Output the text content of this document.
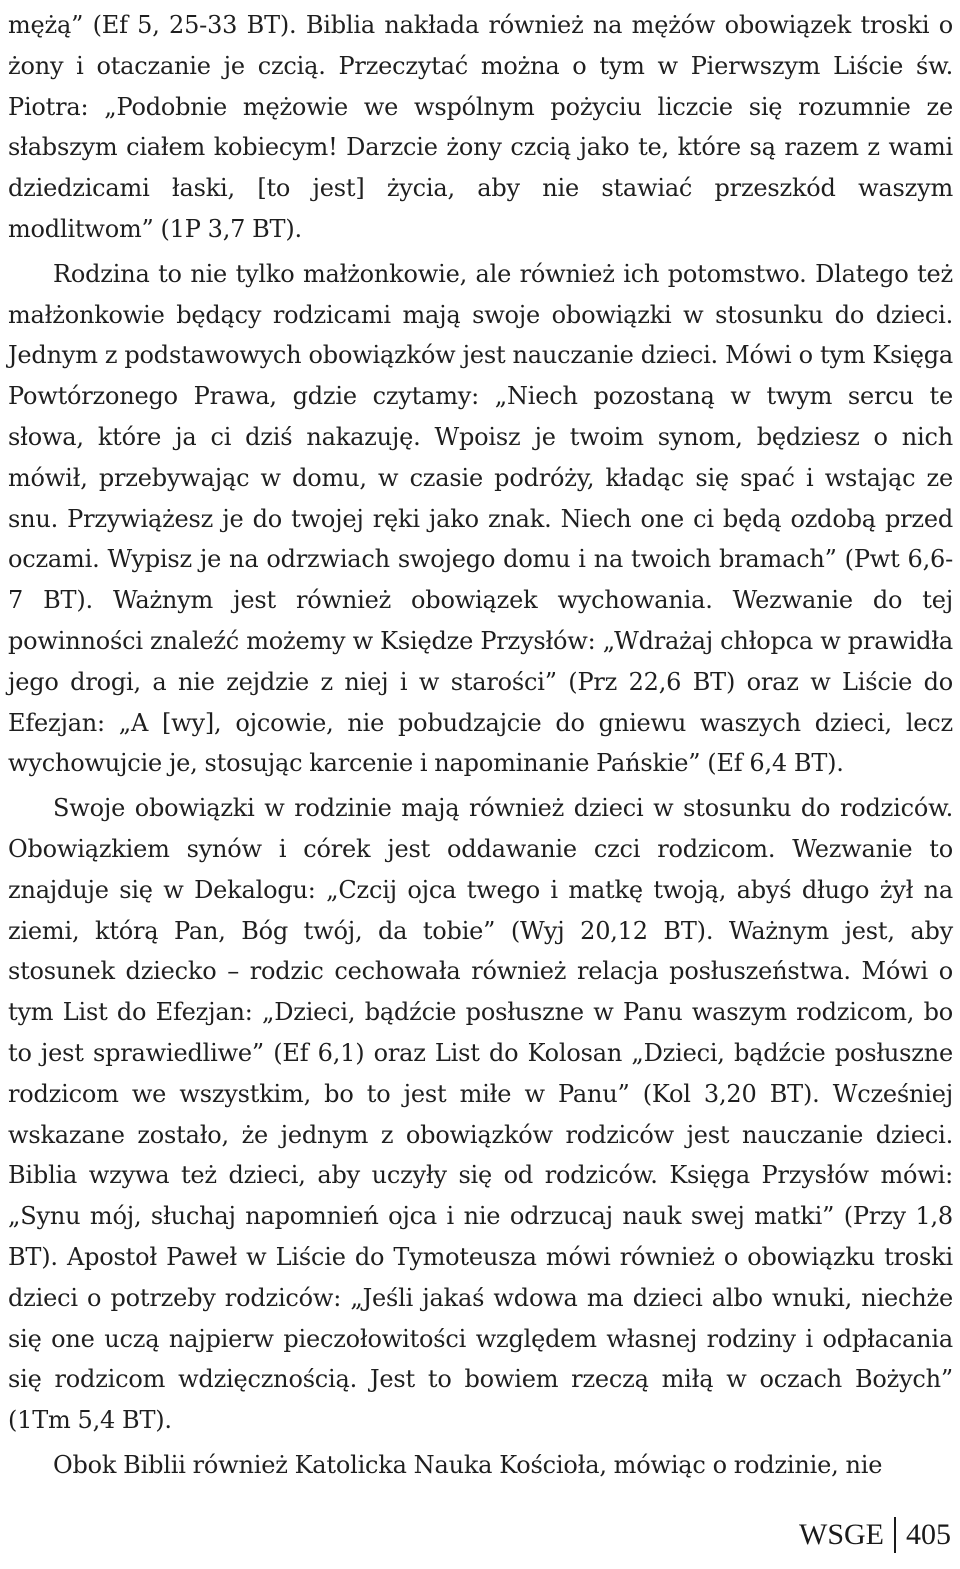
mężą” (Ef 5, 25-33 BT). Biblia nakłada również na mężów obowiązek troski o żony i otaczanie je czcią. Przeczytać można o tym w Pierwszym Liście św. Piotra: „Podobnie mężowie we wspólnym pożyciu liczcie się rozumnie ze słabszym ciałem kobiecym! Darzcie żony czcią jako te, które są razem z wami dziedzicami łaski, [to jest] życia, aby nie stawiać przeszkód waszym modlitwom” (1P 3,7 BT).

Rodzina to nie tylko małżonkowie, ale również ich potomstwo. Dlatego też małżonkowie będący rodzicami mają swoje obowiązki w stosunku do dzieci. Jednym z podstawowych obowiązków jest nauczanie dzieci. Mówi o tym Księga Powtórzonego Prawa, gdzie czytamy: „Niech pozostaną w twym sercu te słowa, które ja ci dziś nakazuję. Wpoisz je twoim synom, będziesz o nich mówił, przebywając w domu, w czasie podróży, kładąc się spać i wstając ze snu. Przywiążesz je do twojej ręki jako znak. Niech one ci będą ozdobą przed oczami. Wypisz je na odrzwiach swojego domu i na twoich bramach” (Pwt 6,6-7 BT). Ważnym jest również obowiązek wychowania. Wezwanie do tej powinności znaleźć możemy w Księdze Przysłów: „Wdrażaj chłopca w prawidła jego drogi, a nie zejdzie z niej i w starości” (Prz 22,6 BT) oraz w Liście do Efezjan: „A [wy], ojcowie, nie pobudzajcie do gniewu waszych dzieci, lecz wychowujcie je, stosując karcenie i napominanie Pańskie” (Ef 6,4 BT).

Swoje obowiązki w rodzinie mają również dzieci w stosunku do rodziców. Obowiązkiem synów i córek jest oddawanie czci rodzicom. Wezwanie to znajduje się w Dekalogu: „Czcij ojca twego i matkę twoją, abyś długo żył na ziemi, którą Pan, Bóg twój, da tobie” (Wyj 20,12 BT). Ważnym jest, aby stosunek dziecko – rodzic cechowała również relacja posłuszeństwa. Mówi o tym List do Efezjan: „Dzieci, bądźcie posłuszne w Panu waszym rodzicom, bo to jest sprawiedliwe” (Ef 6,1) oraz List do Kolosan „Dzieci, bądźcie posłuszne rodzicom we wszystkim, bo to jest miłe w Panu” (Kol 3,20 BT). Wcześniej wskazane zostało, że jednym z obowiązków rodziców jest nauczanie dzieci. Biblia wzywa też dzieci, aby uczyły się od rodziców. Księga Przysłów mówi: „Synu mój, słuchaj napomnień ojca i nie odrzucaj nauk swej matki” (Przy 1,8 BT). Apostoł Paweł w Liście do Tymoteusza mówi również o obowiązku troski dzieci o potrzeby rodziców: „Jeśli jakaś wdowa ma dzieci albo wnuki, niechże się one uczą najpierw pieczołowitości względem własnej rodziny i odpłacania się rodzicom wdzięcznością. Jest to bowiem rzeczą miłą w oczach Bożych” (1Tm 5,4 BT).

Obok Biblii również Katolicka Nauka Kościoła, mówiąc o rodzinie, nie

WSGE 405
